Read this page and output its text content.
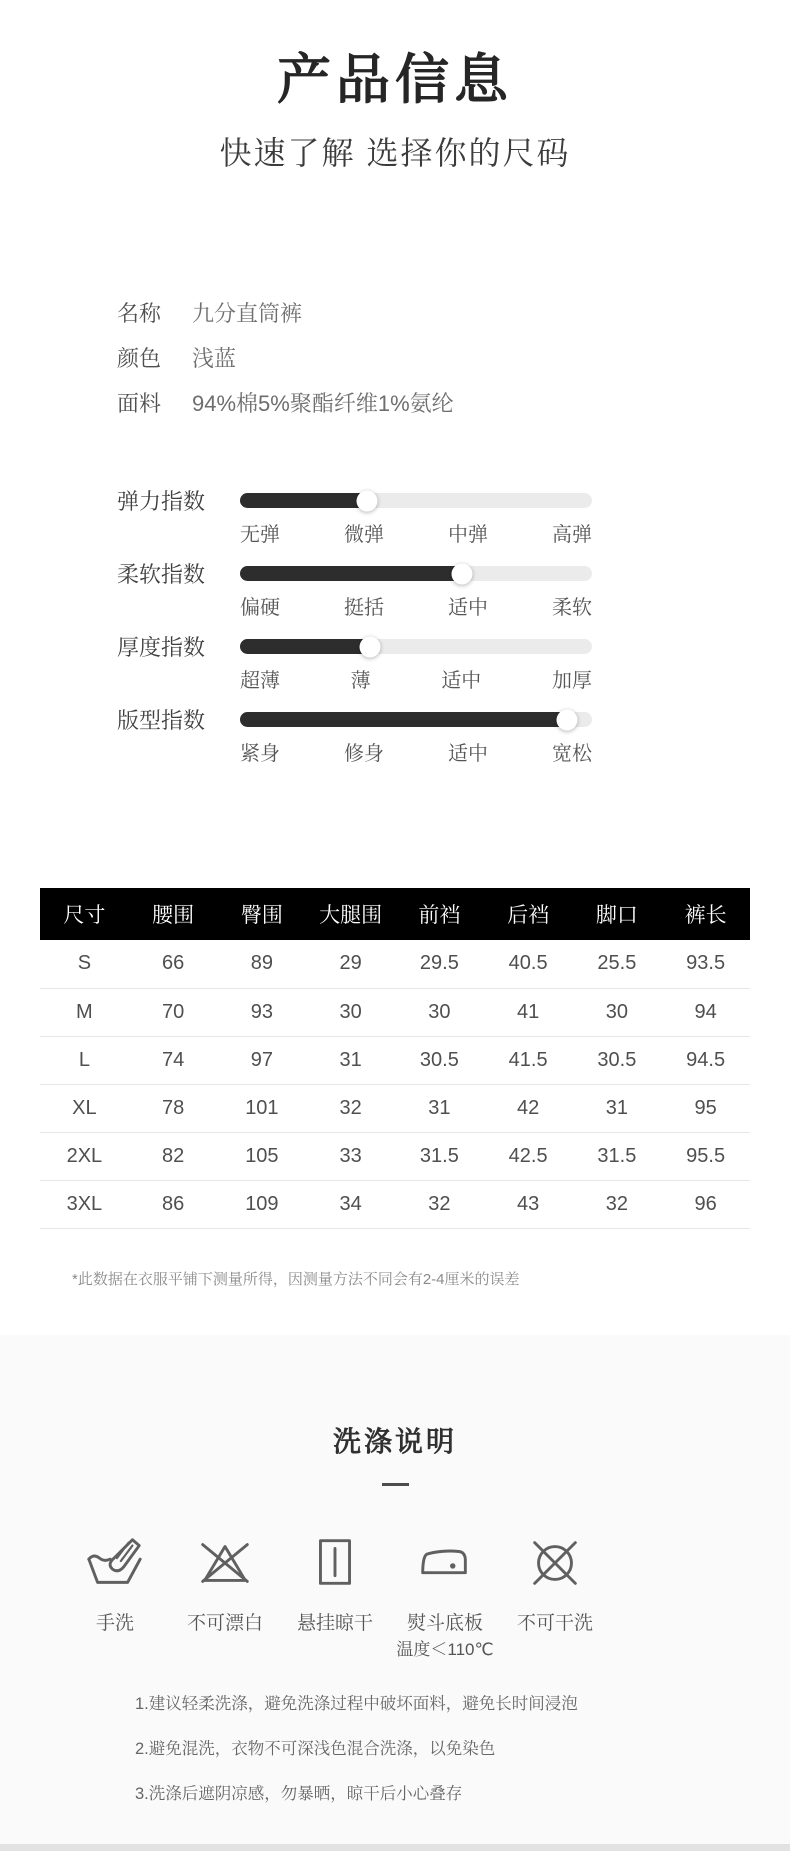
产品信息
快速了解 选择你的尺码
名称 九分直筒裤
颜色 浅蓝
面料 94%棉5%聚酯纤维1%氨纶
弹力指数
无弹	微弹	中弹	高弹
柔软指数
偏硬	挺括	适中	柔软
厚度指数
超薄	薄	适中	加厚
版型指数
紧身	修身	适中	宽松
尺寸	腰围	臀围	大腿围	前裆	后裆	脚口	裤长
S	66	89	29	29.5	40.5	25.5	93.5
M	70	93	30	30	41	30	94
L	74	97	31	30.5	41.5	30.5	94.5
XL	78	101	32	31	42	31	95
2XL	82	105	33	31.5	42.5	31.5	95.5
3XL	86	109	34	32	43	32	96
*此数据在衣服平铺下测量所得，因测量方法不同会有2-4厘米的误差
洗涤说明
手洗	不可漂白 悬挂晾干 熨斗底板
温度＜110℃
不可干洗

1.建议轻柔洗涤，避免洗涤过程中破坏面料，避免长时间浸泡

2.避免混洗，衣物不可深浅色混合洗涤，以免染色

3.洗涤后遮阴凉感，勿暴晒，晾干后小心叠存
